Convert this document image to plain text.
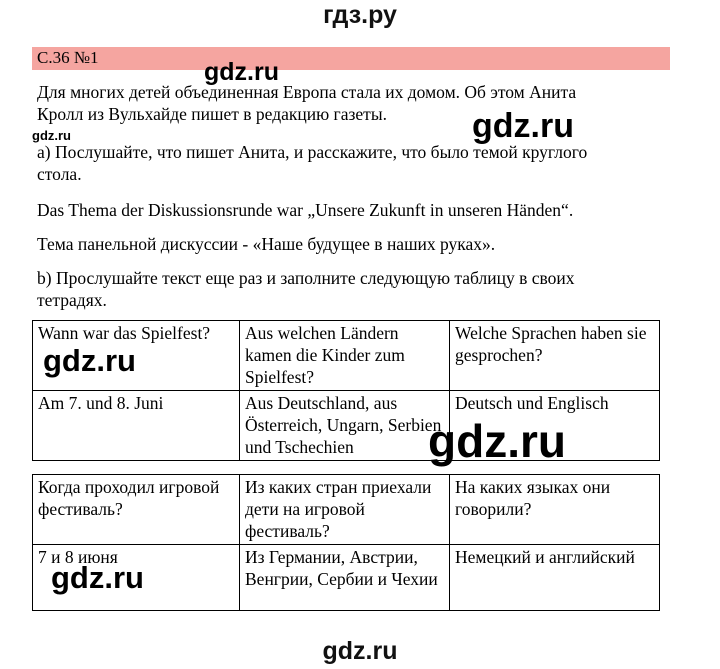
гдз.ру
С.36 №1
Для многих детей объединенная Европа стала их домом. Об этом Анита
Кролл из Вульхайде пишет в редакцию газеты.
а) Послушайте, что пишет Анита, и расскажите, что было темой круглого
стола.
Das Thema der Diskussionsrunde war „Unsere Zukunft in unseren Händen“.
Тема панельной дискуссии - «Наше будущее в наших руках».
b) Прослушайте текст еще раз и заполните следующую таблицу в своих
тетрадях.
Wann war das Spielfest?	Aus welchen Ländern kamen die Kinder zum Spielfest?	Welche Sprachen haben sie gesprochen?
Am 7. und 8. Juni	Aus Deutschland, aus Österreich, Ungarn, Serbien und Tschechien	Deutsch und Englisch
Когда проходил игровой фестиваль?	Из каких стран приехали дети на игровой фестиваль?	На каких языках они говорили?
7 и 8 июня	Из Германии, Австрии, Венгрии, Сербии и Чехии	Немецкий и английский
gdz.ru
gdz.ru	gdz.ru
gdz.ru
gdz.ru
gdz.ru
gdz.ru
